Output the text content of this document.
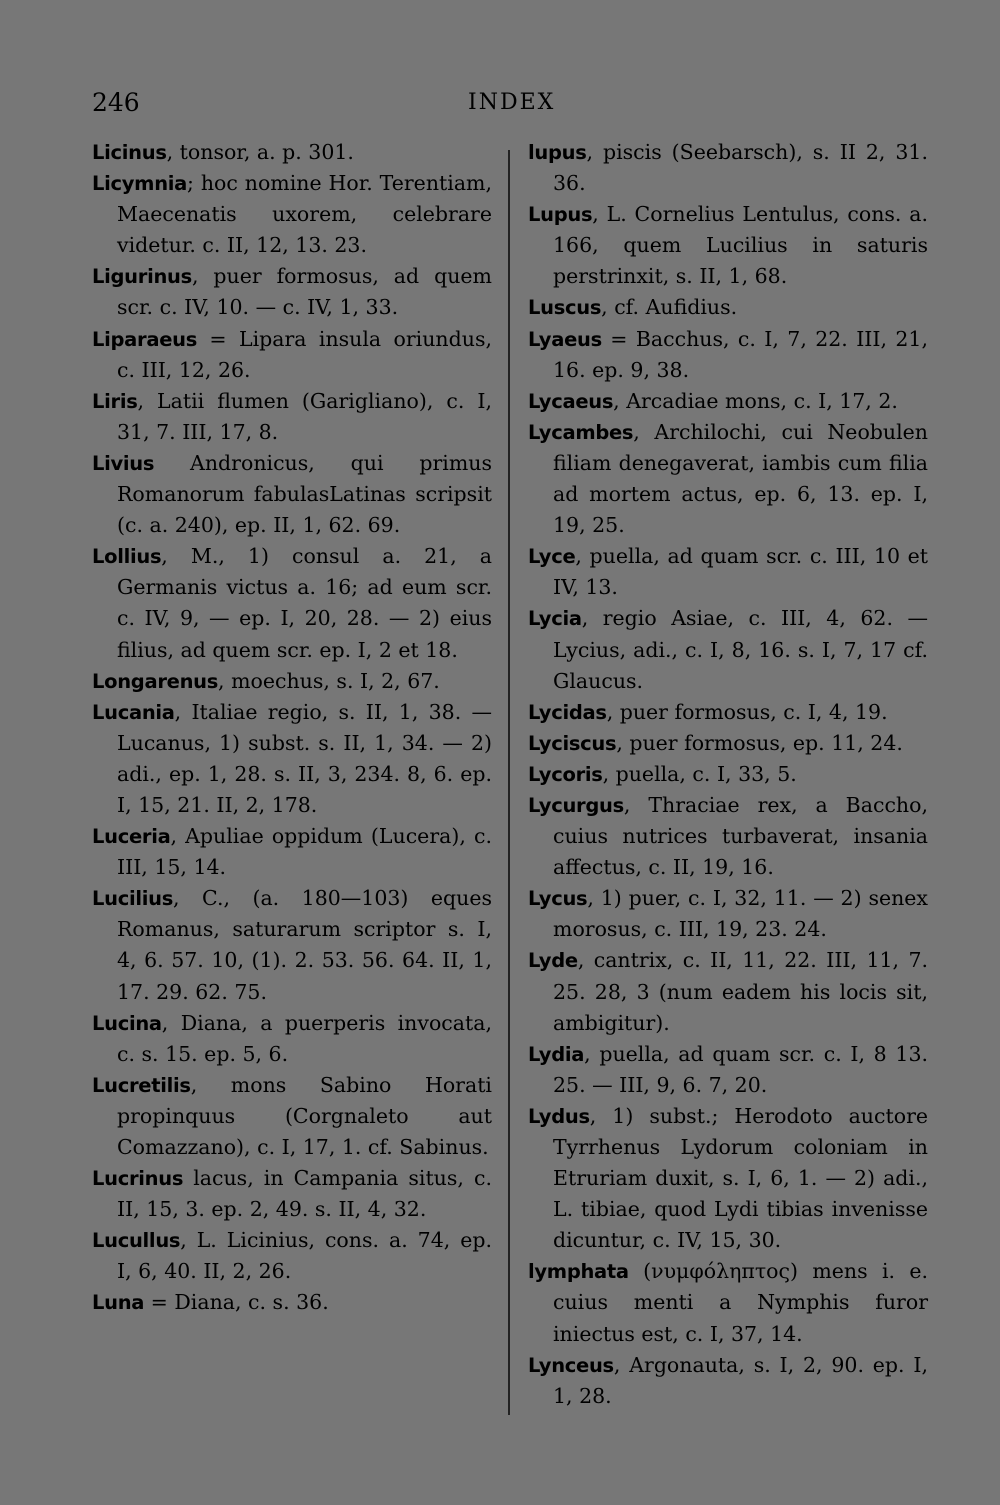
246	INDEX

Licinus, tonsor, a. p. 301.

Licymnia; hoc nomine Hor. Terentiam, Maecenatis uxorem, celebrare videtur. c. II, 12, 13. 23.

Ligurinus, puer formosus, ad quem scr. c. IV, 10. — c. IV, 1, 33.

Liparaeus = Lipara insula oriundus, c. III, 12, 26.

Liris, Latii flumen (Garigliano), c. I, 31, 7. III, 17, 8.

Livius Andronicus, qui primus Romanorum fabulasLatinas scripsit (c. a. 240), ep. II, 1, 62. 69.

Lollius, M., 1) consul a. 21, a Germanis victus a. 16; ad eum scr. c. IV, 9, — ep. I, 20, 28. — 2) eius filius, ad quem scr. ep. I, 2 et 18.

Longarenus, moechus, s. I, 2, 67.

Lucania, Italiae regio, s. II, 1, 38. — Lucanus, 1) subst. s. II, 1, 34. — 2) adi., ep. 1, 28. s. II, 3, 234. 8, 6. ep. I, 15, 21. II, 2, 178.

Luceria, Apuliae oppidum (Lucera), c. III, 15, 14.

Lucilius, C., (a. 180—103) eques Romanus, saturarum scriptor s. I, 4, 6. 57. 10, (1). 2. 53. 56. 64. II, 1, 17. 29. 62. 75.

Lucina, Diana, a puerperis invocata, c. s. 15. ep. 5, 6.

Lucretilis, mons Sabino Horati propinquus (Corgnaleto aut Comazzano), c. I, 17, 1. cf. Sabinus.

Lucrinus lacus, in Campania situs, c. II, 15, 3. ep. 2, 49. s. II, 4, 32.

Lucullus, L. Licinius, cons. a. 74, ep. I, 6, 40. II, 2, 26.

Luna = Diana, c. s. 36.

lupus, piscis (Seebarsch), s. II 2, 31. 36.

Lupus, L. Cornelius Lentulus, cons. a. 166, quem Lucilius in saturis perstrinxit, s. II, 1, 68.

Luscus, cf. Aufidius.

Lyaeus = Bacchus, c. I, 7, 22. III, 21, 16. ep. 9, 38.

Lycaeus, Arcadiae mons, c. I, 17, 2.

Lycambes, Archilochi, cui Neobulen filiam denegaverat, iambis cum filia ad mortem actus, ep. 6, 13. ep. I, 19, 25.

Lyce, puella, ad quam scr. c. III, 10 et IV, 13.

Lycia, regio Asiae, c. III, 4, 62. — Lycius, adi., c. I, 8, 16. s. I, 7, 17 cf. Glaucus.

Lycidas, puer formosus, c. I, 4, 19.

Lyciscus, puer formosus, ep. 11, 24.

Lycoris, puella, c. I, 33, 5.

Lycurgus, Thraciae rex, a Baccho, cuius nutrices turbaverat, insania affectus, c. II, 19, 16.

Lycus, 1) puer, c. I, 32, 11. — 2) senex morosus, c. III, 19, 23. 24.

Lyde, cantrix, c. II, 11, 22. III, 11, 7. 25. 28, 3 (num eadem his locis sit, ambigitur).

Lydia, puella, ad quam scr. c. I, 8 13. 25. — III, 9, 6. 7, 20.

Lydus, 1) subst.; Herodoto auctore Tyrrhenus Lydorum coloniam in Etruriam duxit, s. I, 6, 1. — 2) adi., L. tibiae, quod Lydi tibias invenisse dicuntur, c. IV, 15, 30.

lymphata (νυμφόληπτος) mens i. e. cuius menti a Nymphis furor iniectus est, c. I, 37, 14.

Lynceus, Argonauta, s. I, 2, 90. ep. I, 1, 28.
